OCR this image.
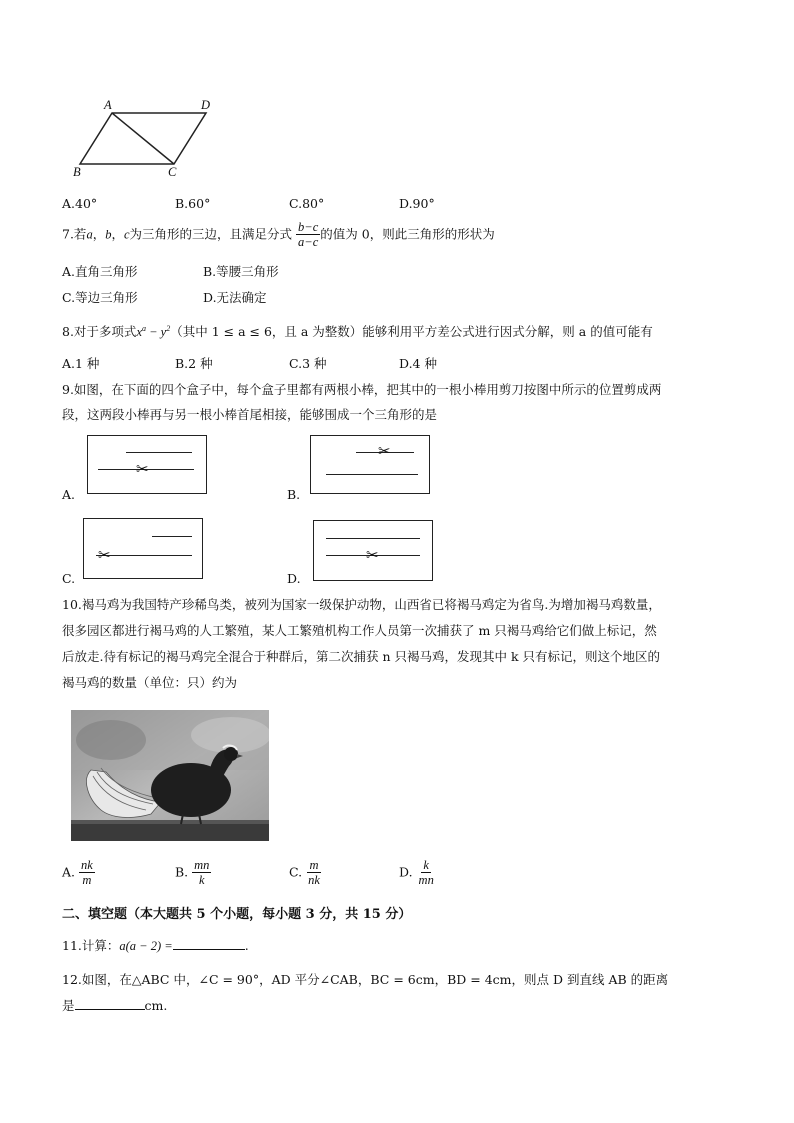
A	D
B	C
A.40°	B.60°	C.80°	D.90°
7.若a，b，c为三角形的三边，且满足分式 $\frac{b-c}{a-c}$ 的值为 0，则此三角形的形状为
A.直角三角形	B.等腰三角形
C.等边三角形	D.无法确定
8.对于多项式$x^a - y^2$（其中 1 ≤ a ≤ 6，且 a 为整数）能够利用平方差公式进行因式分解，则 a 的值可能有
A.1 种	B.2 种	C.3 种	D.4 种
9.如图，在下面的四个盒子中，每个盒子里都有两根小棒，把其中的一根小棒用剪刀按图中所示的位置剪成两
段，这两段小棒再与另一根小棒首尾相接，能够围成一个三角形的是
A.
✂
B.
✂
C.
✂
D.
✂
10.褐马鸡为我国特产珍稀鸟类，被列为国家一级保护动物，山西省已将褐马鸡定为省鸟.为增加褐马鸡数量，
很多园区都进行褐马鸡的人工繁殖，某人工繁殖机构工作人员第一次捕获了 m 只褐马鸡给它们做上标记，然
后放走.待有标记的褐马鸡完全混合于种群后，第二次捕获 n 只褐马鸡，发现其中 k 只有标记，则这个地区的
褐马鸡的数量（单位：只）约为
A. $\frac{nk}{m}$	B. $\frac{mn}{k}$	C. $\frac{m}{nk}$	D. $\frac{k}{mn}$
二、填空题（本大题共 5 个小题，每小题 3 分，共 15 分）
11.计算：a(a − 2) =	.
12.如图，在△ABC 中，∠C = 90°，AD 平分∠CAB，BC = 6cm，BD = 4cm，则点 D 到直线 AB 的距离
是	cm.
